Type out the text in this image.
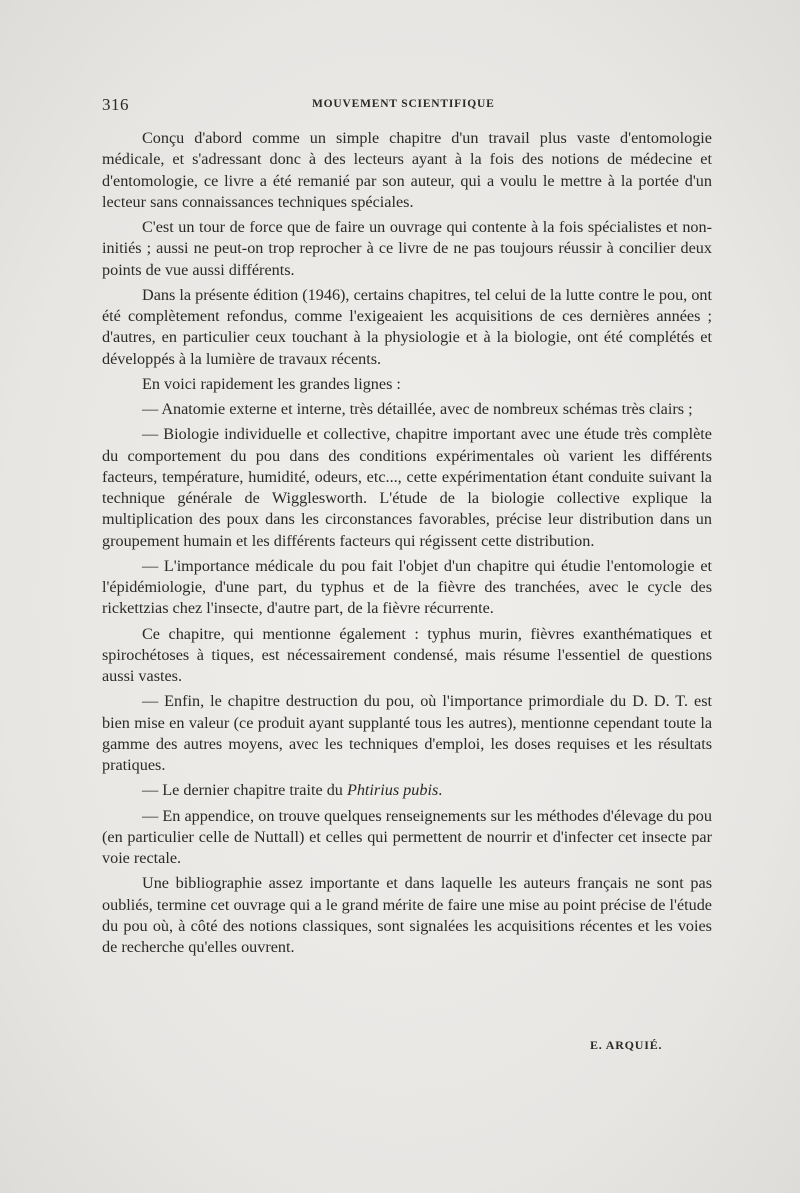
316	MOUVEMENT SCIENTIFIQUE

Conçu d'abord comme un simple chapitre d'un travail plus vaste d'entomologie médicale, et s'adressant donc à des lecteurs ayant à la fois des notions de médecine et d'entomologie, ce livre a été remanié par son auteur, qui a voulu le mettre à la portée d'un lecteur sans connaissances techniques spéciales.

C'est un tour de force que de faire un ouvrage qui contente à la fois spécialistes et non-initiés ; aussi ne peut-on trop reprocher à ce livre de ne pas toujours réussir à concilier deux points de vue aussi différents.

Dans la présente édition (1946), certains chapitres, tel celui de la lutte contre le pou, ont été complètement refondus, comme l'exigeaient les acquisitions de ces dernières années ; d'autres, en particulier ceux touchant à la physiologie et à la biologie, ont été complétés et développés à la lumière de travaux récents.

En voici rapidement les grandes lignes :

— Anatomie externe et interne, très détaillée, avec de nombreux schémas très clairs ;

— Biologie individuelle et collective, chapitre important avec une étude très complète du comportement du pou dans des conditions expérimentales où varient les différents facteurs, température, humidité, odeurs, etc..., cette expérimentation étant conduite suivant la technique générale de Wigglesworth. L'étude de la biologie collective explique la multiplication des poux dans les circonstances favorables, précise leur distribution dans un groupement humain et les différents facteurs qui régissent cette distribution.

— L'importance médicale du pou fait l'objet d'un chapitre qui étudie l'entomologie et l'épidémiologie, d'une part, du typhus et de la fièvre des tranchées, avec le cycle des rickettzias chez l'insecte, d'autre part, de la fièvre récurrente.

Ce chapitre, qui mentionne également : typhus murin, fièvres exanthématiques et spirochétoses à tiques, est nécessairement condensé, mais résume l'essentiel de questions aussi vastes.

— Enfin, le chapitre destruction du pou, où l'importance primordiale du D. D. T. est bien mise en valeur (ce produit ayant supplanté tous les autres), mentionne cependant toute la gamme des autres moyens, avec les techniques d'emploi, les doses requises et les résultats pratiques.

— Le dernier chapitre traite du Phtirius pubis.

— En appendice, on trouve quelques renseignements sur les méthodes d'élevage du pou (en particulier celle de Nuttall) et celles qui permettent de nourrir et d'infecter cet insecte par voie rectale.

Une bibliographie assez importante et dans laquelle les auteurs français ne sont pas oubliés, termine cet ouvrage qui a le grand mérite de faire une mise au point précise de l'étude du pou où, à côté des notions classiques, sont signalées les acquisitions récentes et les voies de recherche qu'elles ouvrent.

E. ARQUIÉ.
